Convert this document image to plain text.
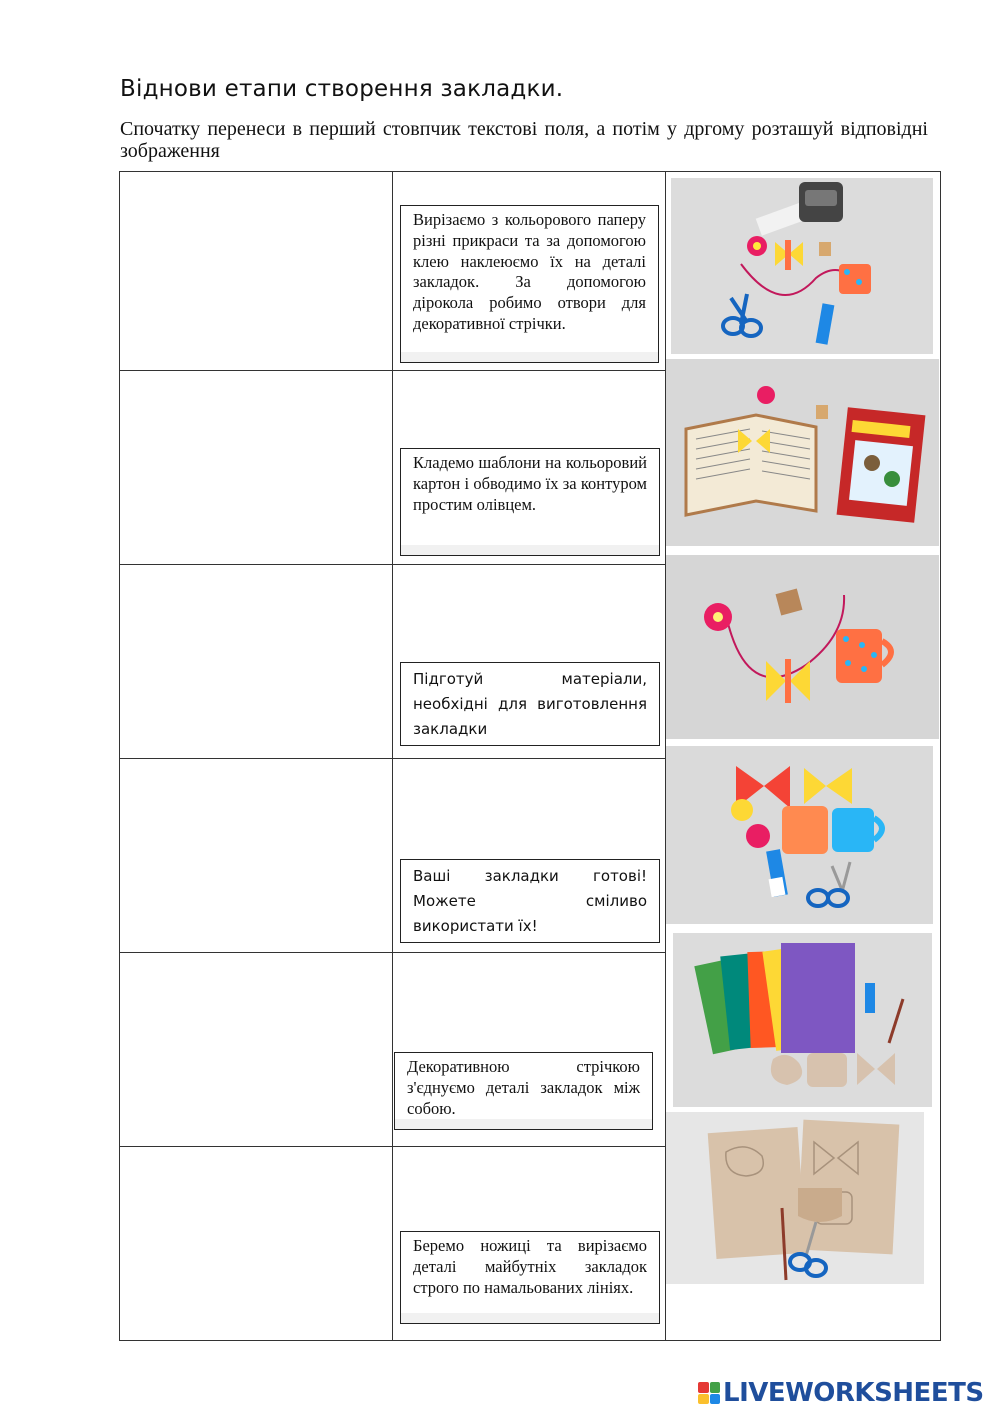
Віднови етапи створення закладки.
Спочатку перенеси в перший стовпчик текстові поля, а потім у дргому розташуй відповідні зображення

Вирізаємо з кольорового паперу різні прикраси та за допомогою клею наклеюємо їх на деталі закладок. За допомогою дірокола робимо отвори для декоративної стрічки.

Кладемо шаблони на кольоровий картон і обводимо їх за контуром простим олівцем.

Підготуй матеріали, необхідні для виготовлення закладки

Ваші закладки готові! Можете сміливо використати їх!

Декоративною стрічкою з'єднуємо деталі закладок між собою.

Беремо ножиці та вирізаємо деталі майбутніх закладок строго по намальованих лініях.

LIVEWORKSHEETS
